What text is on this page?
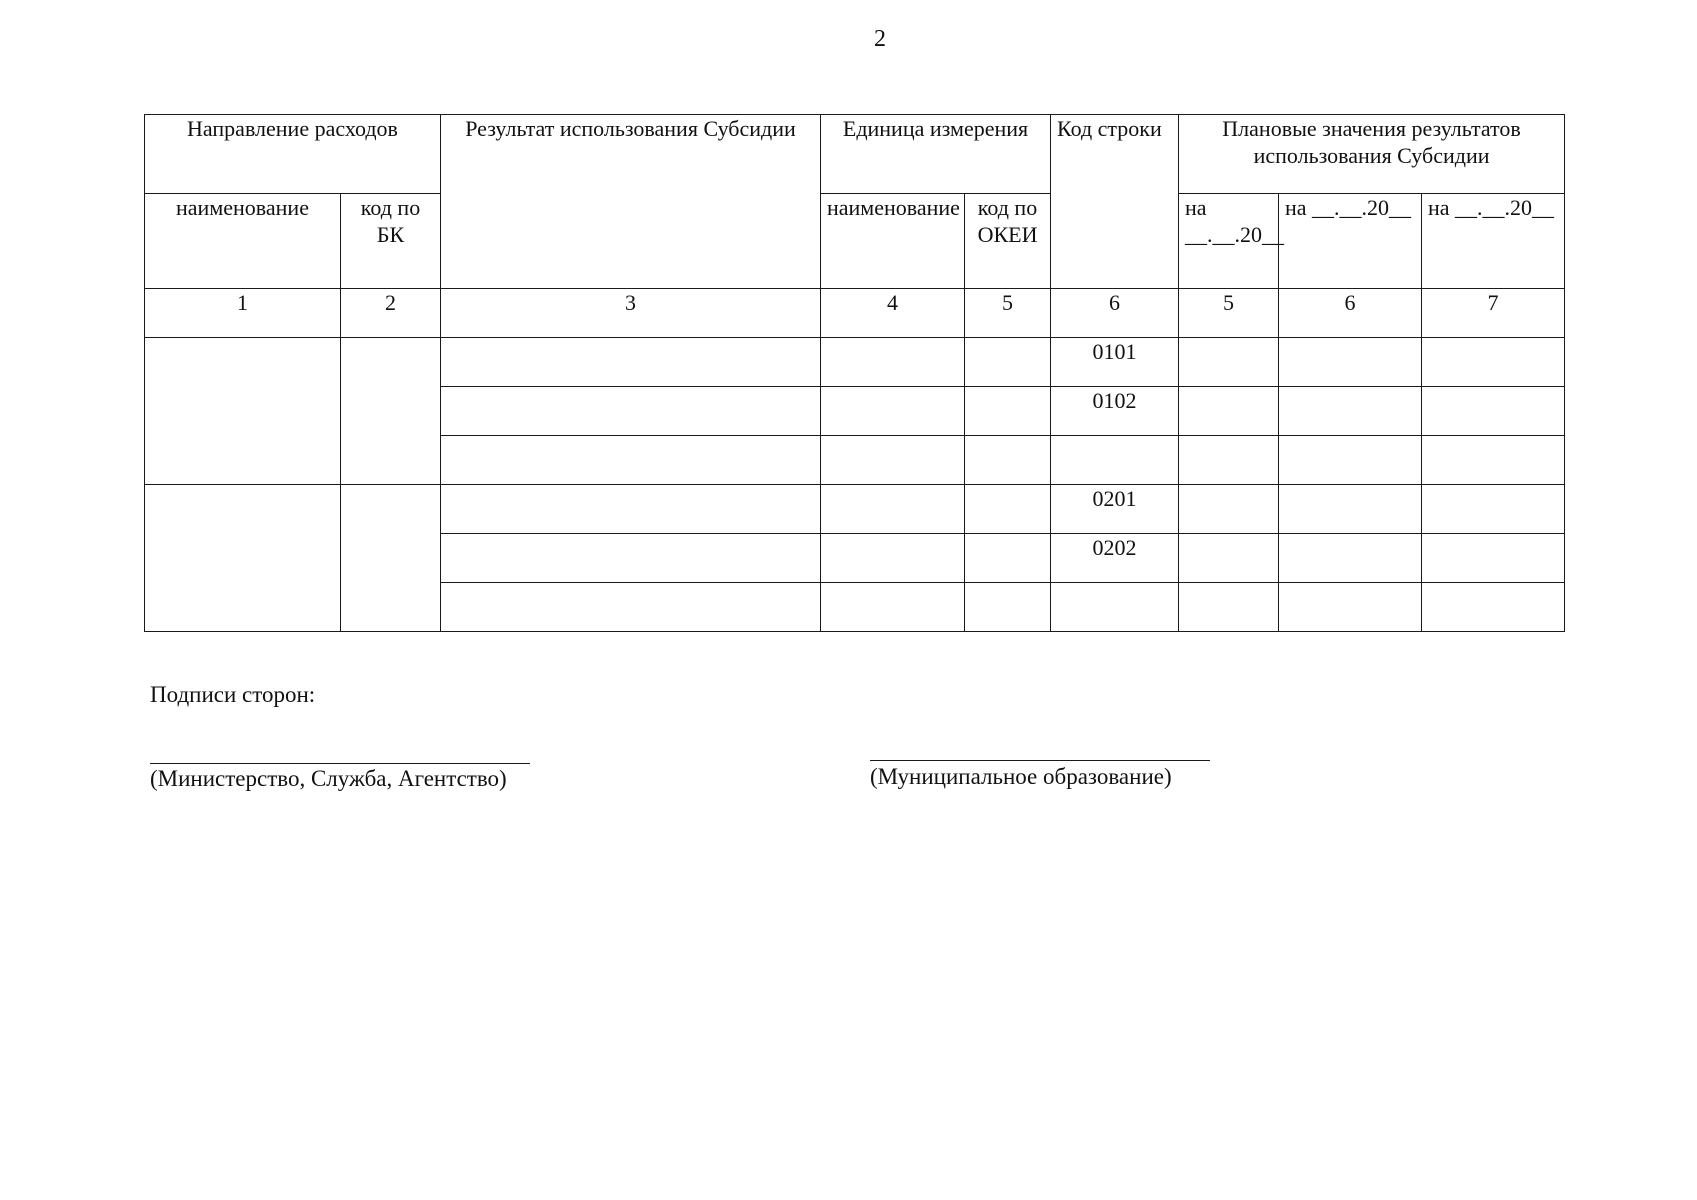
2
Направление расходов		Результат использования Субсидии	Единица измерения		Код строки	Плановые значения результатов использования Субсидии		
наименование	код по БК		наименование	код по ОКЕИ		на __.__.20__	на __.__.20__	на __.__.20__
1	2	3	4	5	6	5	6	7
					0101			
					0102			

					0201			
					0202			

Подписи сторон:
(Министерство, Служба, Агентство)	(Муниципальное образование)
